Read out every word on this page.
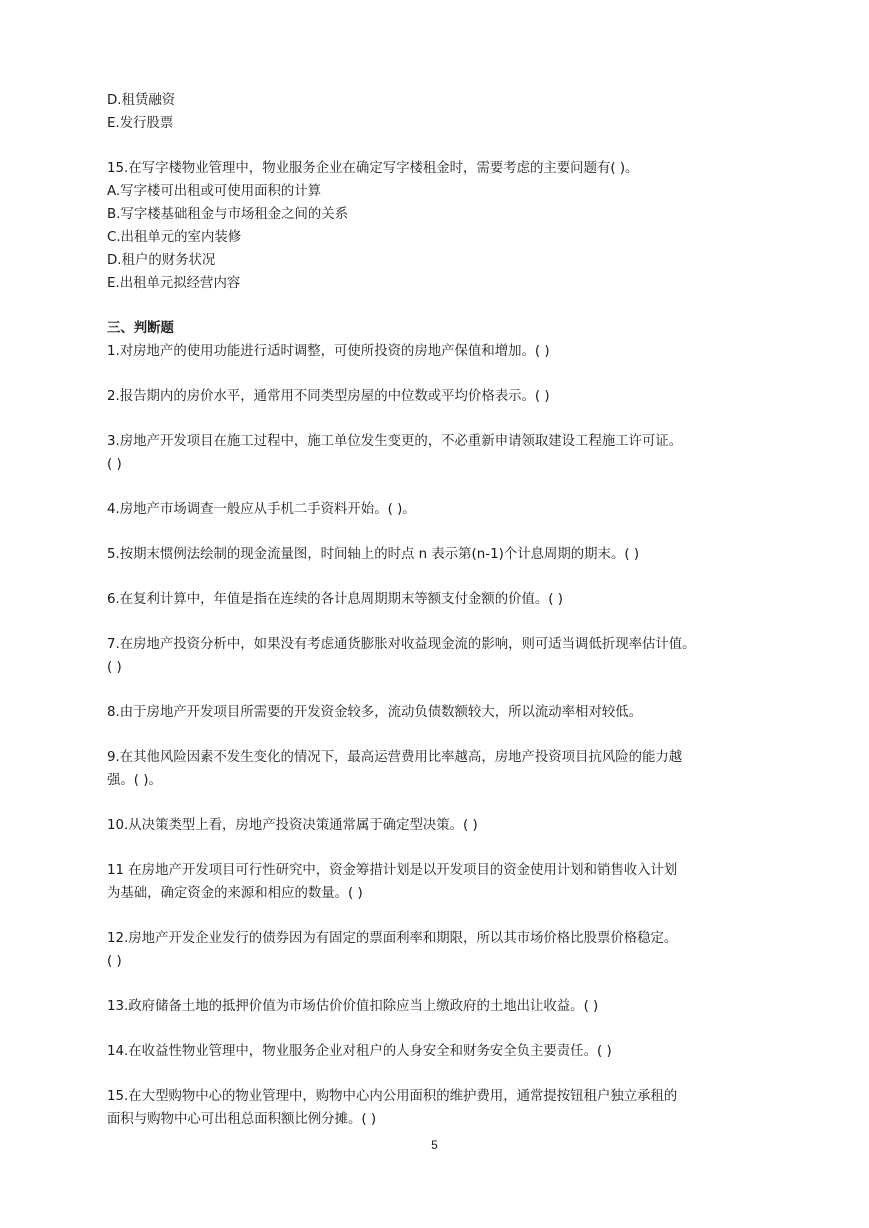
D.租赁融资
E.发行股票
15.在写字楼物业管理中，物业服务企业在确定写字楼租金时，需要考虑的主要问题有( )。
A.写字楼可出租或可使用面积的计算
B.写字楼基础租金与市场租金之间的关系
C.出租单元的室内装修
D.租户的财务状况
E.出租单元拟经营内容
三、判断题
1.对房地产的使用功能进行适时调整，可使所投资的房地产保值和增加。( )
2.报告期内的房价水平，通常用不同类型房屋的中位数或平均价格表示。( )
3.房地产开发项目在施工过程中，施工单位发生变更的，不必重新申请领取建设工程施工许可证。
( )
4.房地产市场调查一般应从手机二手资料开始。( )。
5.按期末惯例法绘制的现金流量图，时间轴上的时点 n 表示第(n-1)个计息周期的期末。( )
6.在复利计算中，年值是指在连续的各计息周期期末等额支付金额的价值。( )
7.在房地产投资分析中，如果没有考虑通货膨胀对收益现金流的影响，则可适当调低折现率估计值。
( )
8.由于房地产开发项目所需要的开发资金较多，流动负债数额较大，所以流动率相对较低。
9.在其他风险因素不发生变化的情况下，最高运营费用比率越高，房地产投资项目抗风险的能力越
强。( )。
10.从决策类型上看，房地产投资决策通常属于确定型决策。( )
11 在房地产开发项目可行性研究中，资金筹措计划是以开发项目的资金使用计划和销售收入计划
为基础，确定资金的来源和相应的数量。( )
12.房地产开发企业发行的债券因为有固定的票面利率和期限，所以其市场价格比股票价格稳定。
( )
13.政府储备土地的抵押价值为市场估价价值扣除应当上缴政府的土地出让收益。( )
14.在收益性物业管理中，物业服务企业对租户的人身安全和财务安全负主要责任。( )
15.在大型购物中心的物业管理中，购物中心内公用面积的维护费用，通常提按钮租户独立承租的
面积与购物中心可出租总面积额比例分摊。( )
5
